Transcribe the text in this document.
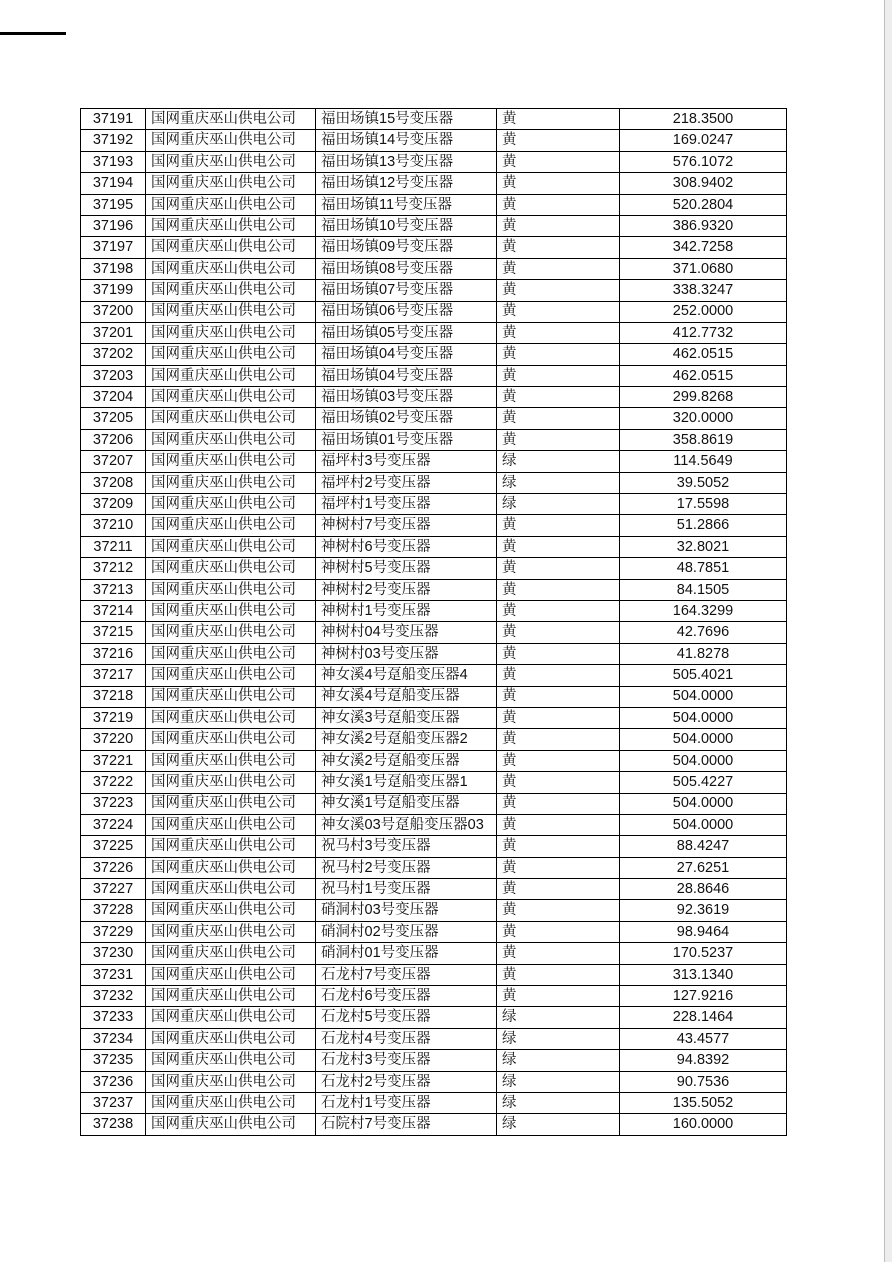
37191	国网重庆巫山供电公司	福田场镇15号变压器	黄	218.3500
37192	国网重庆巫山供电公司	福田场镇14号变压器	黄	169.0247
37193	国网重庆巫山供电公司	福田场镇13号变压器	黄	576.1072
37194	国网重庆巫山供电公司	福田场镇12号变压器	黄	308.9402
37195	国网重庆巫山供电公司	福田场镇11号变压器	黄	520.2804
37196	国网重庆巫山供电公司	福田场镇10号变压器	黄	386.9320
37197	国网重庆巫山供电公司	福田场镇09号变压器	黄	342.7258
37198	国网重庆巫山供电公司	福田场镇08号变压器	黄	371.0680
37199	国网重庆巫山供电公司	福田场镇07号变压器	黄	338.3247
37200	国网重庆巫山供电公司	福田场镇06号变压器	黄	252.0000
37201	国网重庆巫山供电公司	福田场镇05号变压器	黄	412.7732
37202	国网重庆巫山供电公司	福田场镇04号变压器	黄	462.0515
37203	国网重庆巫山供电公司	福田场镇04号变压器	黄	462.0515
37204	国网重庆巫山供电公司	福田场镇03号变压器	黄	299.8268
37205	国网重庆巫山供电公司	福田场镇02号变压器	黄	320.0000
37206	国网重庆巫山供电公司	福田场镇01号变压器	黄	358.8619
37207	国网重庆巫山供电公司	福坪村3号变压器	绿	114.5649
37208	国网重庆巫山供电公司	福坪村2号变压器	绿	39.5052
37209	国网重庆巫山供电公司	福坪村1号变压器	绿	17.5598
37210	国网重庆巫山供电公司	神树村7号变压器	黄	51.2866
37211	国网重庆巫山供电公司	神树村6号变压器	黄	32.8021
37212	国网重庆巫山供电公司	神树村5号变压器	黄	48.7851
37213	国网重庆巫山供电公司	神树村2号变压器	黄	84.1505
37214	国网重庆巫山供电公司	神树村1号变压器	黄	164.3299
37215	国网重庆巫山供电公司	神树村04号变压器	黄	42.7696
37216	国网重庆巫山供电公司	神树村03号变压器	黄	41.8278
37217	国网重庆巫山供电公司	神女溪4号趸船变压器4	黄	505.4021
37218	国网重庆巫山供电公司	神女溪4号趸船变压器	黄	504.0000
37219	国网重庆巫山供电公司	神女溪3号趸船变压器	黄	504.0000
37220	国网重庆巫山供电公司	神女溪2号趸船变压器2	黄	504.0000
37221	国网重庆巫山供电公司	神女溪2号趸船变压器	黄	504.0000
37222	国网重庆巫山供电公司	神女溪1号趸船变压器1	黄	505.4227
37223	国网重庆巫山供电公司	神女溪1号趸船变压器	黄	504.0000
37224	国网重庆巫山供电公司	神女溪03号趸船变压器03	黄	504.0000
37225	国网重庆巫山供电公司	祝马村3号变压器	黄	88.4247
37226	国网重庆巫山供电公司	祝马村2号变压器	黄	27.6251
37227	国网重庆巫山供电公司	祝马村1号变压器	黄	28.8646
37228	国网重庆巫山供电公司	硝洞村03号变压器	黄	92.3619
37229	国网重庆巫山供电公司	硝洞村02号变压器	黄	98.9464
37230	国网重庆巫山供电公司	硝洞村01号变压器	黄	170.5237
37231	国网重庆巫山供电公司	石龙村7号变压器	黄	313.1340
37232	国网重庆巫山供电公司	石龙村6号变压器	黄	127.9216
37233	国网重庆巫山供电公司	石龙村5号变压器	绿	228.1464
37234	国网重庆巫山供电公司	石龙村4号变压器	绿	43.4577
37235	国网重庆巫山供电公司	石龙村3号变压器	绿	94.8392
37236	国网重庆巫山供电公司	石龙村2号变压器	绿	90.7536
37237	国网重庆巫山供电公司	石龙村1号变压器	绿	135.5052
37238	国网重庆巫山供电公司	石院村7号变压器	绿	160.0000
